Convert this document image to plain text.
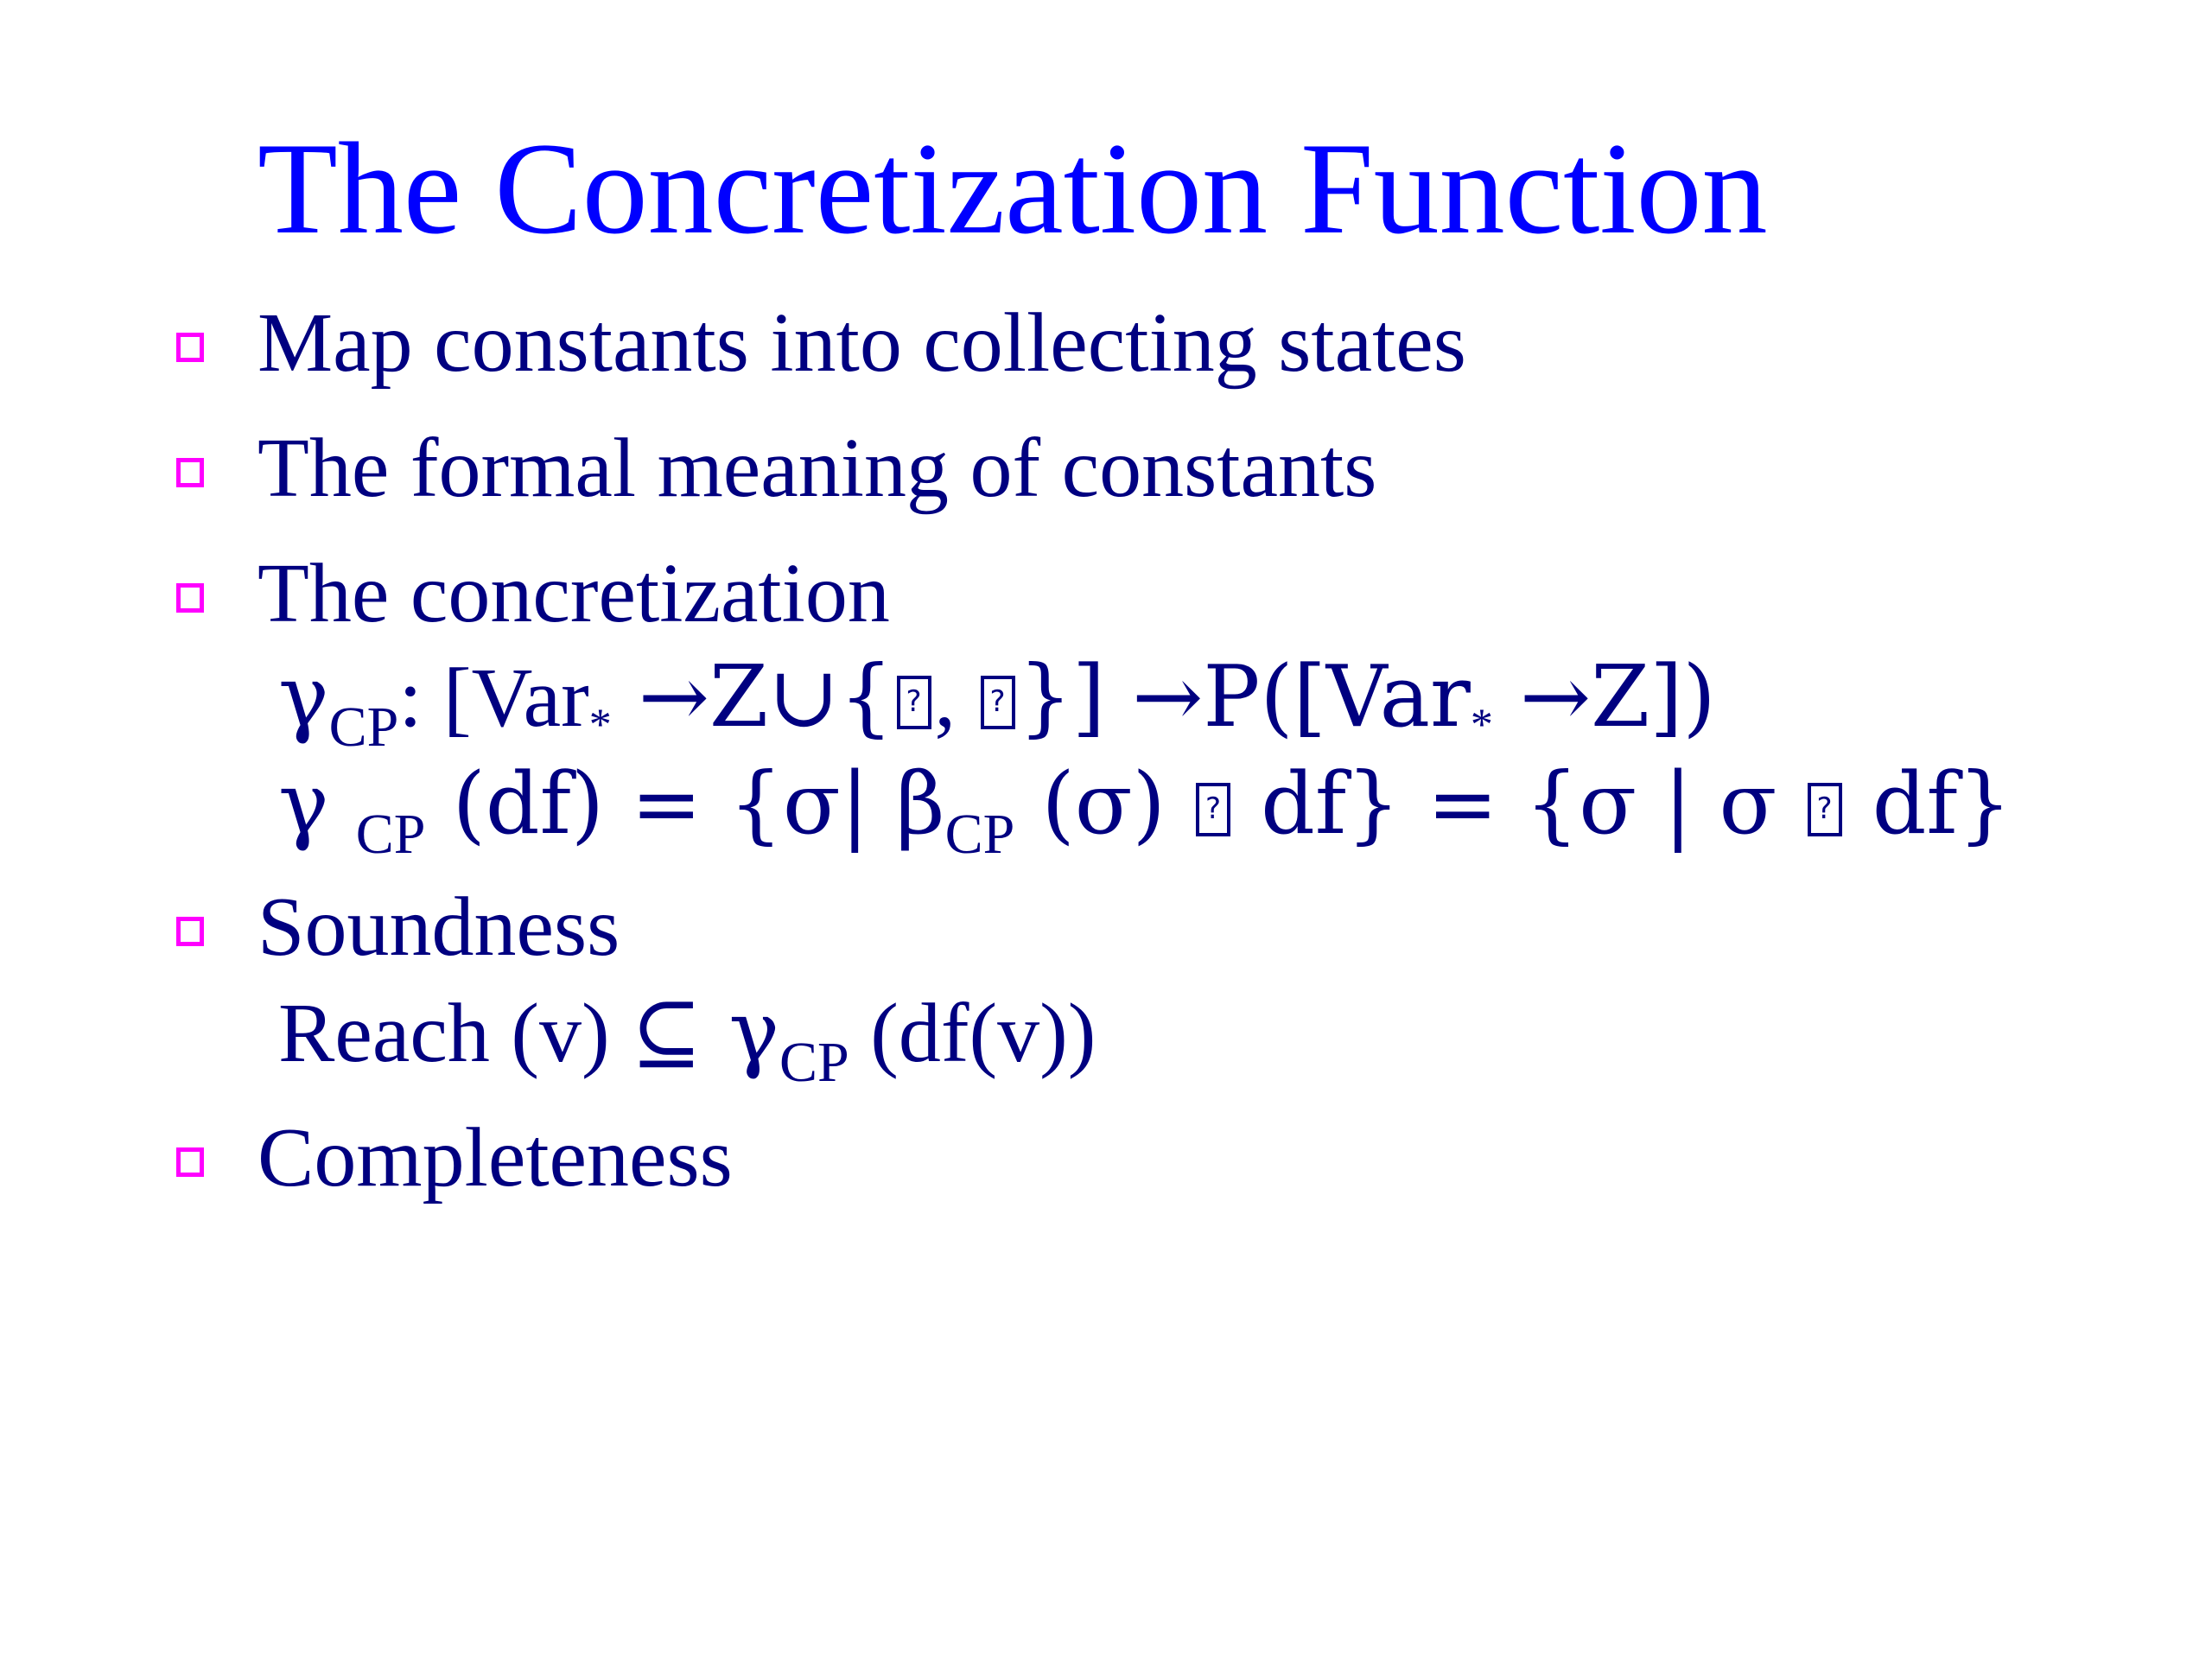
The Concretization Function
Map constants into collecting states
The formal meaning of constants
The concretization
$\gamma_{CP}$: [Var$_*$ →Z∪{? , ?}] →P([Var$_*$ →Z])
γ $_{CP}$ (df) = {σ| $\beta_{CP}$ (σ) ? df} = {σ | σ ? df}
Soundness
Reach (v) ⊆ $\gamma_{CP}$ (df(v))
Completeness
